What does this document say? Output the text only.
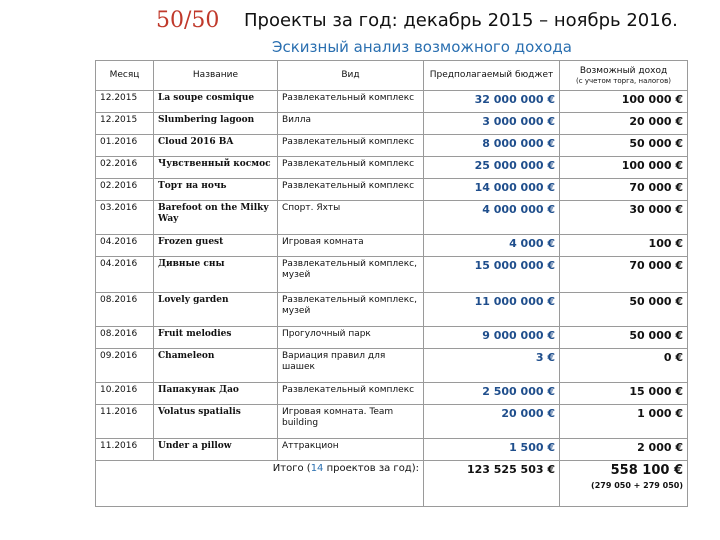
50/50 Проекты за год: декабрь 2015 – ноябрь 2016.
Эскизный анализ возможного дохода
Месяц	Название	Вид	Предполагаемый бюджет	Возможный доход
(с учетом торга, налогов)

12.2015	La soupe cosmique	Развлекательный комплекс	32 000 000 €	100 000 €
12.2015	Slumbering lagoon	Вилла	3 000 000 €	20 000 €
01.2016	Cloud 2016 BA	Развлекательный комплекс	8 000 000 €	50 000 €
02.2016	Чувственный космос	Развлекательный комплекс	25 000 000 €	100 000 €
02.2016	Торт на ночь	Развлекательный комплекс	14 000 000 €	70 000 €
03.2016	Barefoot on the Milky Way	Спорт. Яхты	4 000 000 €	30 000 €
04.2016	Frozen guest	Игровая комната	4 000 €	100 €
04.2016	Дивные сны	Развлекательный комплекс, музей	15 000 000 €	70 000 €
08.2016	Lovely garden	Развлекательный комплекс, музей	11 000 000 €	50 000 €
08.2016	Fruit melodies	Прогулочный парк	9 000 000 €	50 000 €
09.2016	Chameleon	Вариация правил для шашек	3 €	0 €
10.2016	Папакунак Дао	Развлекательный комплекс	2 500 000 €	15 000 €
11.2016	Volatus spatialis	Игровая комната. Team building	20 000 €	1 000 €
11.2016	Under a pillow	Аттракцион	1 500 €	2 000 €
Итого (14 проектов за год):			123 525 503 €	558 100 €
(279 050 + 279 050)
